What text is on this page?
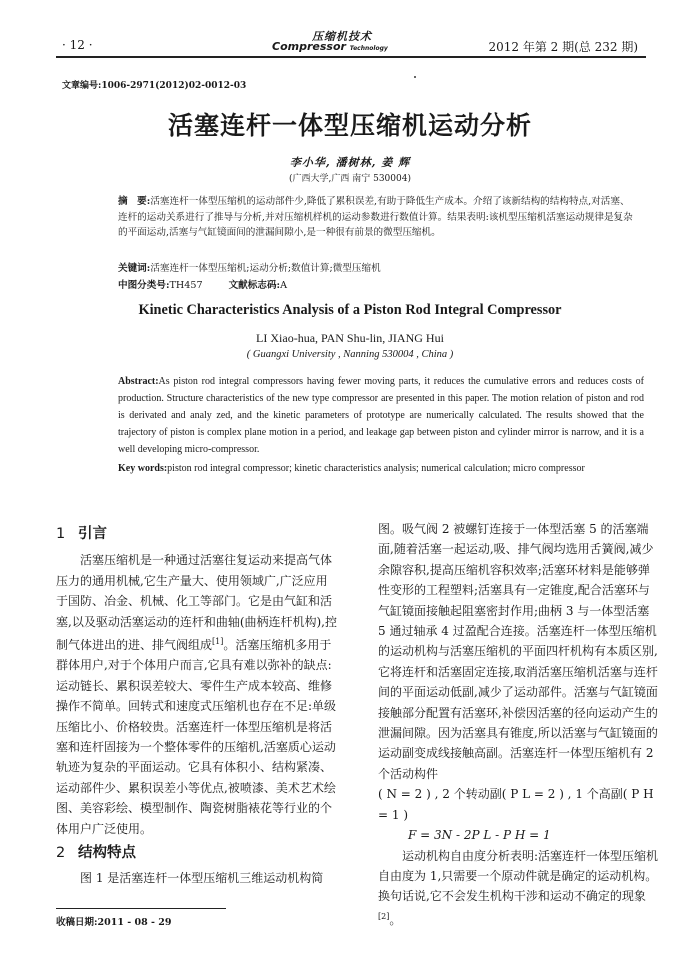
· 12 ·
压缩机技术
Compressor Technology	2012 年第 2 期(总 232 期)
文章编号:1006-2971(2012)02-0012-03
活塞连杆一体型压缩机运动分析
李小华, 潘树林, 姜 辉
(广西大学,广西 南宁 530004)
摘　要:活塞连杆一体型压缩机的运动部件少,降低了累积误差,有助于降低生产成本。介绍了该新结构的结构特点,对活塞、连杆的运动关系进行了推导与分析,并对压缩机样机的运动参数进行数值计算。结果表明:该机型压缩机活塞运动规律是复杂的平面运动,活塞与气缸镜面间的泄漏间隙小,是一种很有前景的微型压缩机。
关键词:活塞连杆一体型压缩机;运动分析;数值计算;微型压缩机
中图分类号:TH457	文献标志码:A
Kinetic Characteristics Analysis of a Piston Rod Integral Compressor
LI Xiao-hua, PAN Shu-lin, JIANG Hui
( Guangxi University , Nanning 530004 , China )
Abstract:As piston rod integral compressors having fewer moving parts, it reduces the cumulative errors and reduces costs of production. Structure characteristics of the new type compressor are presented in this paper. The motion relation of piston and rod is derivated and analy zed, and the kinetic parameters of prototype are numerically calculated. The results showed that the trajectory of piston is complex plane motion in a period, and leakage gap between piston and cylinder mirror is narrow, and it is a well developing micro-compressor.
Key words:piston rod integral compressor; kinetic characteristics analysis; numerical calculation; micro compressor
1 引言

活塞压缩机是一种通过活塞往复运动来提高气体压力的通用机械,它生产量大、使用领域广,广泛应用于国防、冶金、机械、化工等部门。它是由气缸和活塞,以及驱动活塞运动的连杆和曲轴(曲柄连杆机构),控制气体进出的进、排气阀组成[1]。活塞压缩机多用于群体用户,对于个体用户而言,它具有难以弥补的缺点:运动链长、累积误差较大、零件生产成本较高、维修操作不简单。回转式和速度式压缩机也存在不足:单级压缩比小、价格较贵。活塞连杆一体型压缩机是将活塞和连杆固接为一个整体零件的压缩机,活塞质心运动轨迹为复杂的平面运动。它具有体积小、结构紧凑、运动部件少、累积误差小等优点,被喷漆、美术艺术绘图、美容彩绘、模型制作、陶瓷树脂裱花等行业的个体用户广泛使用。

2 结构特点

图 1 是活塞连杆一体型压缩机三维运动机构简

图。吸气阀 2 被螺钉连接于一体型活塞 5 的活塞端面,随着活塞一起运动,吸、排气阀均选用舌簧阀,减少余隙容积,提高压缩机容积效率;活塞环材料是能够弹性变形的工程塑料;活塞具有一定锥度,配合活塞环与气缸镜面接触起阻塞密封作用;曲柄 3 与一体型活塞 5 通过轴承 4 过盈配合连接。活塞连杆一体型压缩机的运动机构与活塞压缩机的平面四杆机构有本质区别,它将连杆和活塞固定连接,取消活塞压缩机活塞与连杆间的平面运动低副,减少了运动部件。活塞与气缸镜面接触部分配置有活塞环,补偿因活塞的径向运动产生的泄漏间隙。因为活塞具有锥度,所以活塞与气缸镜面的运动副变成线接触高副。活塞连杆一体型压缩机有 2 个活动构件

( N = 2 ) , 2 个转动副( P L = 2 ) , 1 个高副( P H = 1 )

F = 3N - 2P L - P H = 1

运动机构自由度分析表明:活塞连杆一体型压缩机自由度为 1,只需要一个原动件就是确定的运动机构。换句话说,它不会发生机构干涉和运动不确定的现象[2]。

收稿日期:2011 - 08 - 29
